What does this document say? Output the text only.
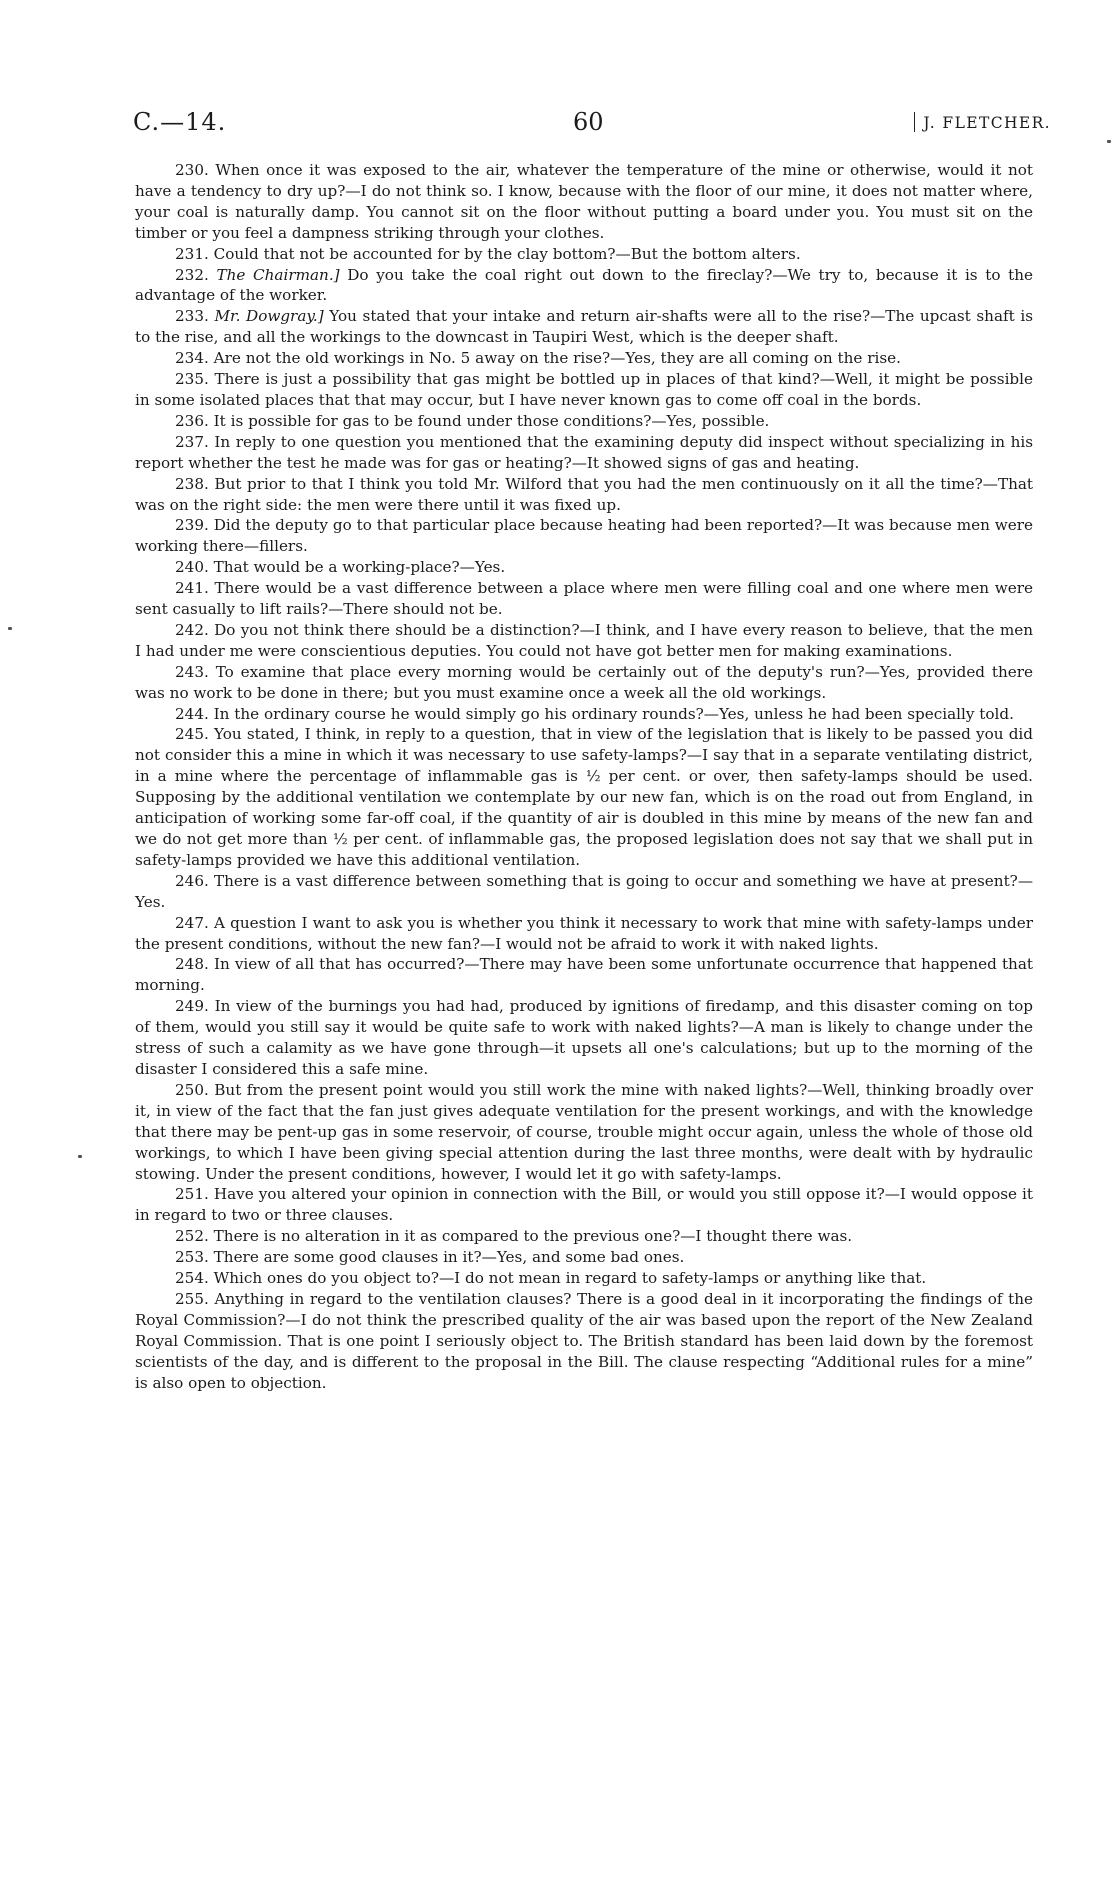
C.—14.	60	J. FLETCHER.

230. When once it was exposed to the air, whatever the temperature of the mine or otherwise, would it not have a tendency to dry up?—I do not think so. I know, because with the floor of our mine, it does not matter where, your coal is naturally damp. You cannot sit on the floor without putting a board under you. You must sit on the timber or you feel a dampness striking through your clothes.

231. Could that not be accounted for by the clay bottom?—But the bottom alters.

232. The Chairman.] Do you take the coal right out down to the fireclay?—We try to, because it is to the advantage of the worker.

233. Mr. Dowgray.] You stated that your intake and return air-shafts were all to the rise?—The upcast shaft is to the rise, and all the workings to the downcast in Taupiri West, which is the deeper shaft.

234. Are not the old workings in No. 5 away on the rise?—Yes, they are all coming on the rise.

235. There is just a possibility that gas might be bottled up in places of that kind?—Well, it might be possible in some isolated places that that may occur, but I have never known gas to come off coal in the bords.

236. It is possible for gas to be found under those conditions?—Yes, possible.

237. In reply to one question you mentioned that the examining deputy did inspect without specializing in his report whether the test he made was for gas or heating?—It showed signs of gas and heating.

238. But prior to that I think you told Mr. Wilford that you had the men continuously on it all the time?—That was on the right side: the men were there until it was fixed up.

239. Did the deputy go to that particular place because heating had been reported?—It was because men were working there—fillers.

240. That would be a working-place?—Yes.

241. There would be a vast difference between a place where men were filling coal and one where men were sent casually to lift rails?—There should not be.

242. Do you not think there should be a distinction?—I think, and I have every reason to believe, that the men I had under me were conscientious deputies. You could not have got better men for making examinations.

243. To examine that place every morning would be certainly out of the deputy's run?—Yes, provided there was no work to be done in there; but you must examine once a week all the old workings.

244. In the ordinary course he would simply go his ordinary rounds?—Yes, unless he had been specially told.

245. You stated, I think, in reply to a question, that in view of the legislation that is likely to be passed you did not consider this a mine in which it was necessary to use safety-lamps?—I say that in a separate ventilating district, in a mine where the percentage of inflammable gas is ½ per cent. or over, then safety-lamps should be used. Supposing by the additional ventilation we contemplate by our new fan, which is on the road out from England, in anticipation of working some far-off coal, if the quantity of air is doubled in this mine by means of the new fan and we do not get more than ½ per cent. of inflammable gas, the proposed legislation does not say that we shall put in safety-lamps provided we have this additional ventilation.

246. There is a vast difference between something that is going to occur and something we have at present?—Yes.

247. A question I want to ask you is whether you think it necessary to work that mine with safety-lamps under the present conditions, without the new fan?—I would not be afraid to work it with naked lights.

248. In view of all that has occurred?—There may have been some unfortunate occurrence that happened that morning.

249. In view of the burnings you had had, produced by ignitions of firedamp, and this disaster coming on top of them, would you still say it would be quite safe to work with naked lights?—A man is likely to change under the stress of such a calamity as we have gone through—it upsets all one's calculations; but up to the morning of the disaster I considered this a safe mine.

250. But from the present point would you still work the mine with naked lights?—Well, thinking broadly over it, in view of the fact that the fan just gives adequate ventilation for the present workings, and with the knowledge that there may be pent-up gas in some reservoir, of course, trouble might occur again, unless the whole of those old workings, to which I have been giving special attention during the last three months, were dealt with by hydraulic stowing. Under the present conditions, however, I would let it go with safety-lamps.

251. Have you altered your opinion in connection with the Bill, or would you still oppose it?—I would oppose it in regard to two or three clauses.

252. There is no alteration in it as compared to the previous one?—I thought there was.

253. There are some good clauses in it?—Yes, and some bad ones.

254. Which ones do you object to?—I do not mean in regard to safety-lamps or anything like that.

255. Anything in regard to the ventilation clauses? There is a good deal in it incorporating the findings of the Royal Commission?—I do not think the prescribed quality of the air was based upon the report of the New Zealand Royal Commission. That is one point I seriously object to. The British standard has been laid down by the foremost scientists of the day, and is different to the proposal in the Bill. The clause respecting “Additional rules for a mine” is also open to objection.
